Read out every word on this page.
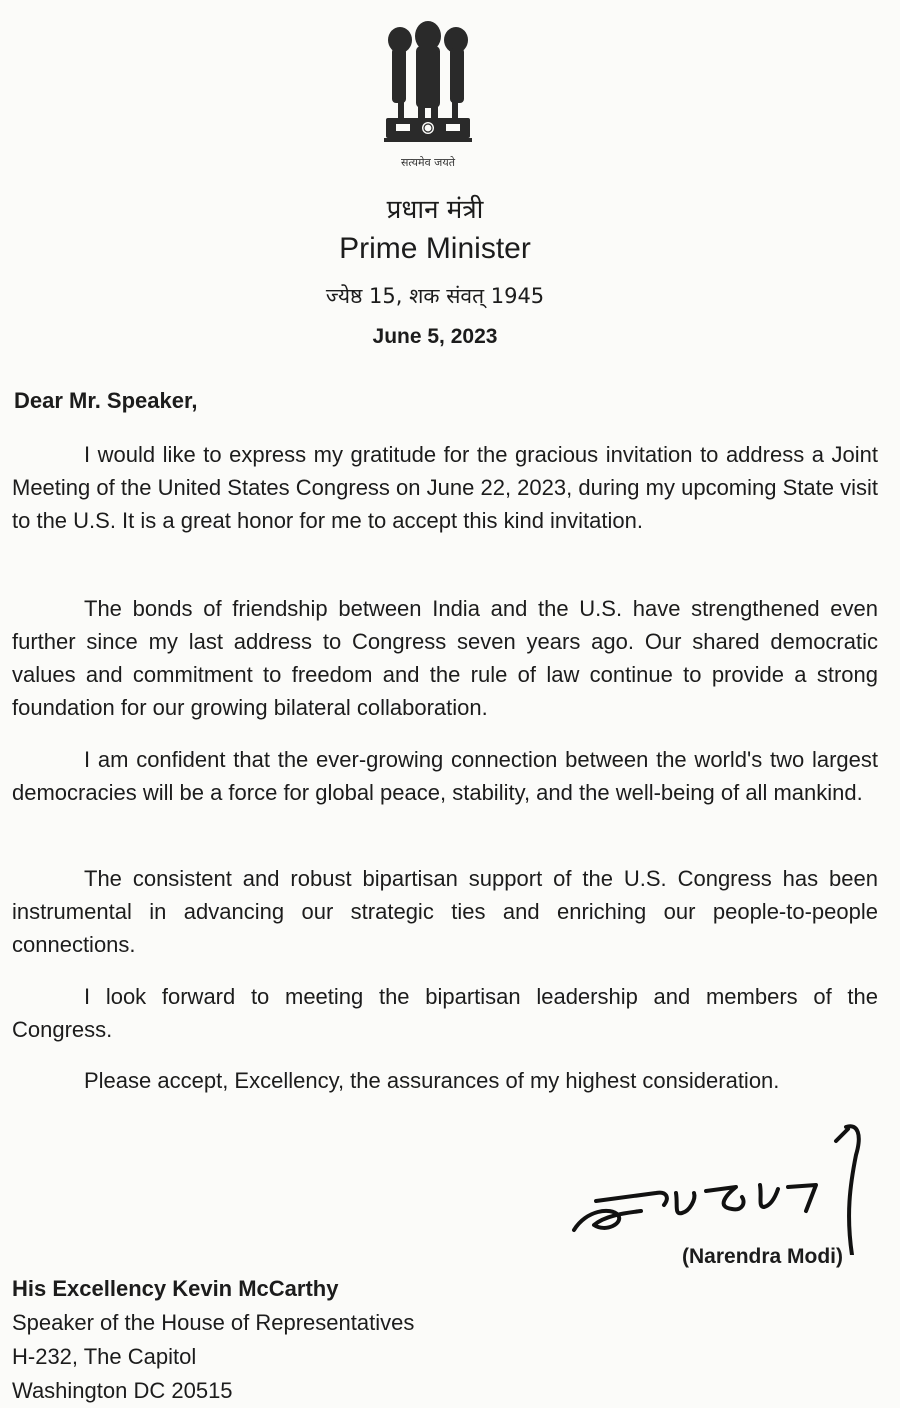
सत्यमेव जयते
प्रधान मंत्री
Prime Minister
ज्येष्ठ 15, शक संवत् 1945
June 5, 2023
Dear Mr. Speaker,

I would like to express my gratitude for the gracious invitation to address a Joint Meeting of the United States Congress on June 22, 2023, during my upcoming State visit to the U.S. It is a great honor for me to accept this kind invitation.

The bonds of friendship between India and the U.S. have strengthened even further since my last address to Congress seven years ago. Our shared democratic values and commitment to freedom and the rule of law continue to provide a strong foundation for our growing bilateral collaboration.

I am confident that the ever-growing connection between the world's two largest democracies will be a force for global peace, stability, and the well-being of all mankind.

The consistent and robust bipartisan support of the U.S. Congress has been instrumental in advancing our strategic ties and enriching our people-to-people connections.

I look forward to meeting the bipartisan leadership and members of the Congress.

Please accept, Excellency, the assurances of my highest consideration.

(Narendra Modi)
His Excellency Kevin McCarthy
Speaker of the House of Representatives
H-232, The Capitol
Washington DC 20515
